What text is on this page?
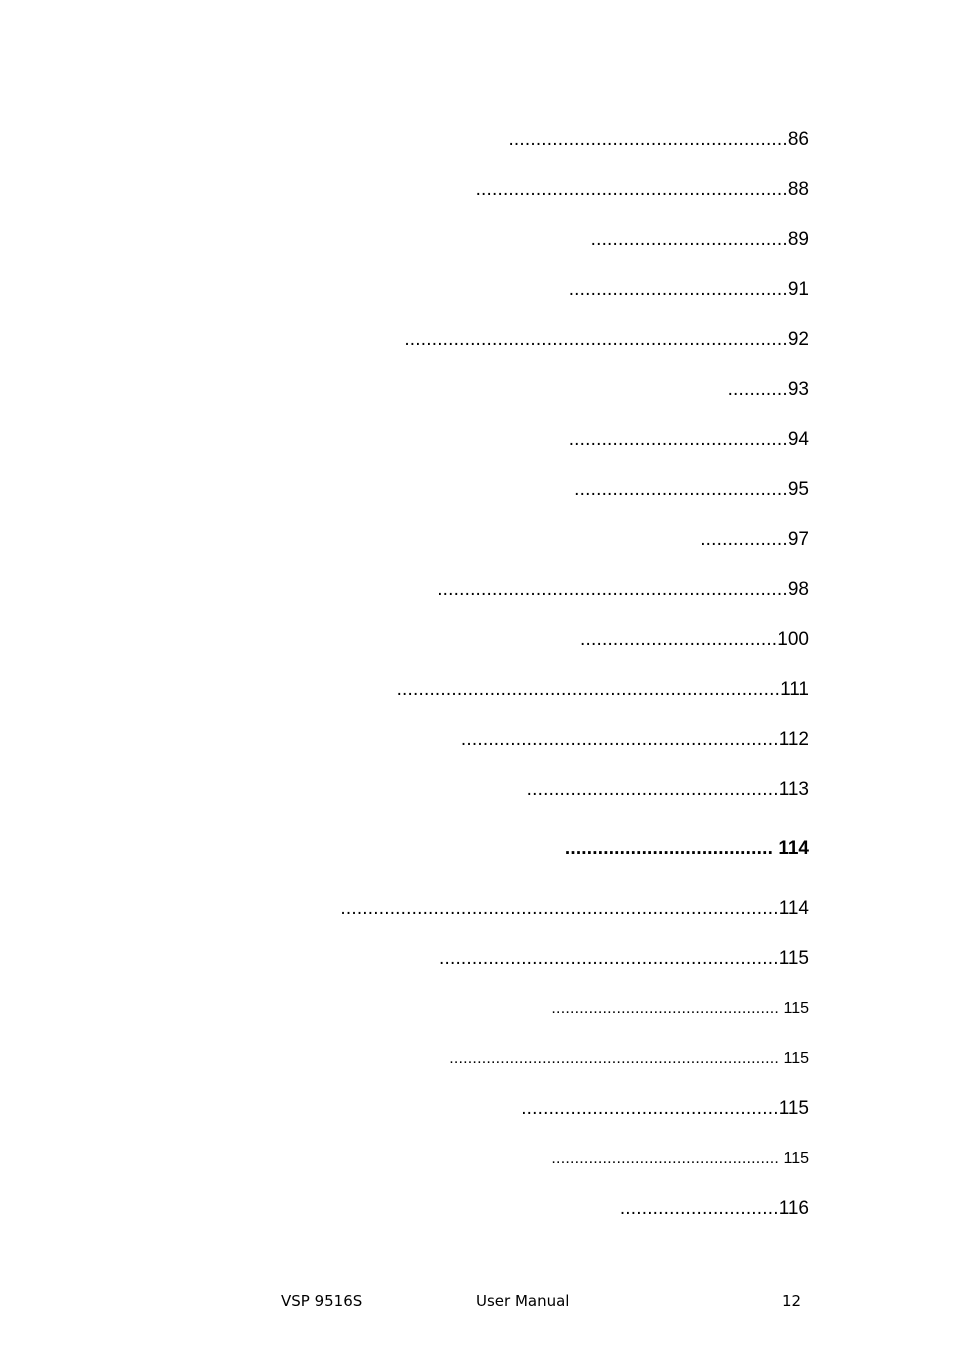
...................................................86
.........................................................88
....................................89
........................................91
......................................................................92
...........93
........................................94
.......................................95
................97
................................................................98
....................................100
......................................................................111
..........................................................112
..............................................113
...................................... 114
................................................................................114
..............................................................115
................................................. 115
....................................................................... 115
...............................................115
................................................. 115
.............................116
VSP 9516S	User Manual	12
